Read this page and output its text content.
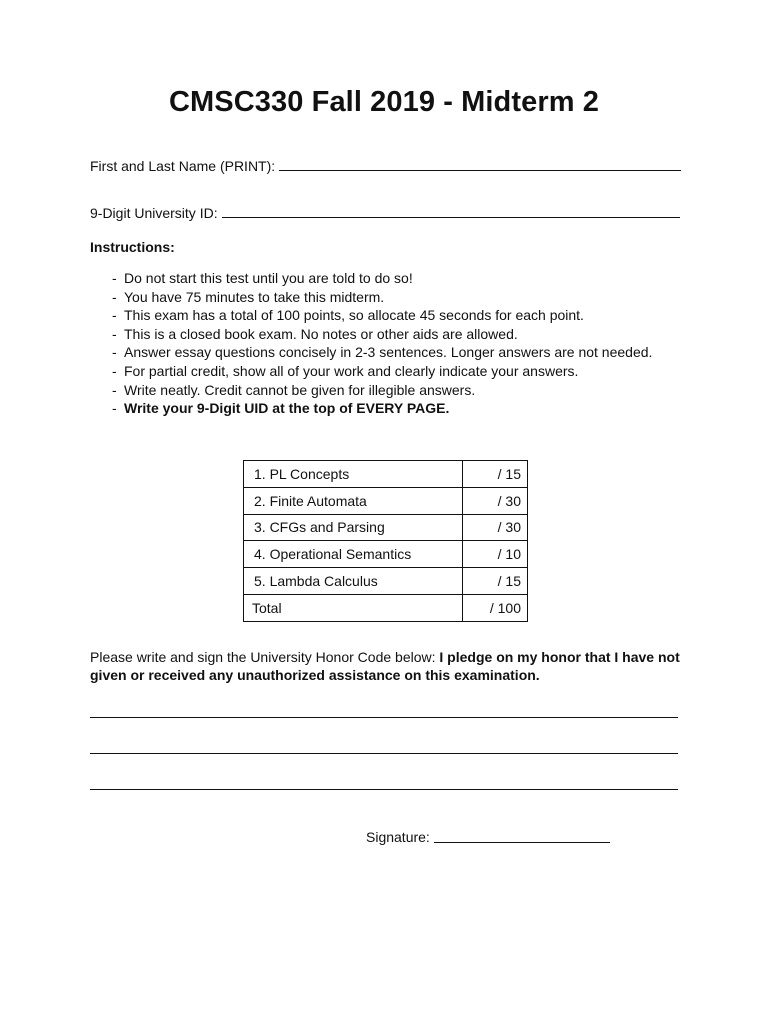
CMSC330 Fall 2019 - Midterm 2
First and Last Name (PRINT):
9-Digit University ID:
Instructions:
- Do not start this test until you are told to do so!
- You have 75 minutes to take this midterm.
- This exam has a total of 100 points, so allocate 45 seconds for each point.
- This is a closed book exam. No notes or other aids are allowed.
- Answer essay questions concisely in 2-3 sentences. Longer answers are not needed.
- For partial credit, show all of your work and clearly indicate your answers.
- Write neatly. Credit cannot be given for illegible answers.
- Write your 9-Digit UID at the top of EVERY PAGE.
1. PL Concepts	/ 15
2. Finite Automata	/ 30
3. CFGs and Parsing	/ 30
4. Operational Semantics	/ 10
5. Lambda Calculus	/ 15
Total	/ 100
Please write and sign the University Honor Code below: I pledge on my honor that I have not given or received any unauthorized assistance on this examination.
Signature:
